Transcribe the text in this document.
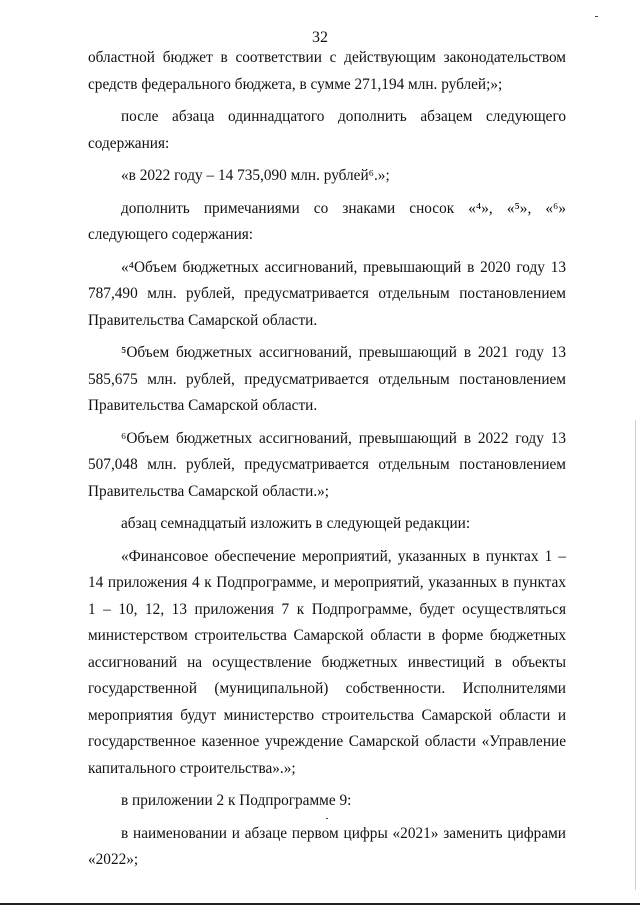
32

областной бюджет в соответствии с действующим законодательством средств федерального бюджета, в сумме 271,194 млн. рублей;»;

после абзаца одиннадцатого дополнить абзацем следующего содержания:

«в 2022 году – 14 735,090 млн. рублей⁶.»;

дополнить примечаниями со знаками сносок «⁴», «⁵», «⁶» следующего содержания:

«⁴Объем бюджетных ассигнований, превышающий в 2020 году 13 787,490 млн. рублей, предусматривается отдельным постановлением Правительства Самарской области.

⁵Объем бюджетных ассигнований, превышающий в 2021 году 13 585,675 млн. рублей, предусматривается отдельным постановлением Правительства Самарской области.

⁶Объем бюджетных ассигнований, превышающий в 2022 году 13 507,048 млн. рублей, предусматривается отдельным постановлением Правительства Самарской области.»;

абзац семнадцатый изложить в следующей редакции:

«Финансовое обеспечение мероприятий, указанных в пунктах 1 – 14 приложения 4 к Подпрограмме, и мероприятий, указанных в пунктах 1 – 10, 12, 13 приложения 7 к Подпрограмме, будет осуществляться министерством строительства Самарской области в форме бюджетных ассигнований на осуществление бюджетных инвестиций в объекты государственной (муниципальной) собственности. Исполнителями мероприятия будут министерство строительства Самарской области и государственное казенное учреждение Самарской области «Управление капитального строительства».»;

в приложении 2 к Подпрограмме 9:

в наименовании и абзаце первом цифры «2021» заменить цифрами «2022»;
